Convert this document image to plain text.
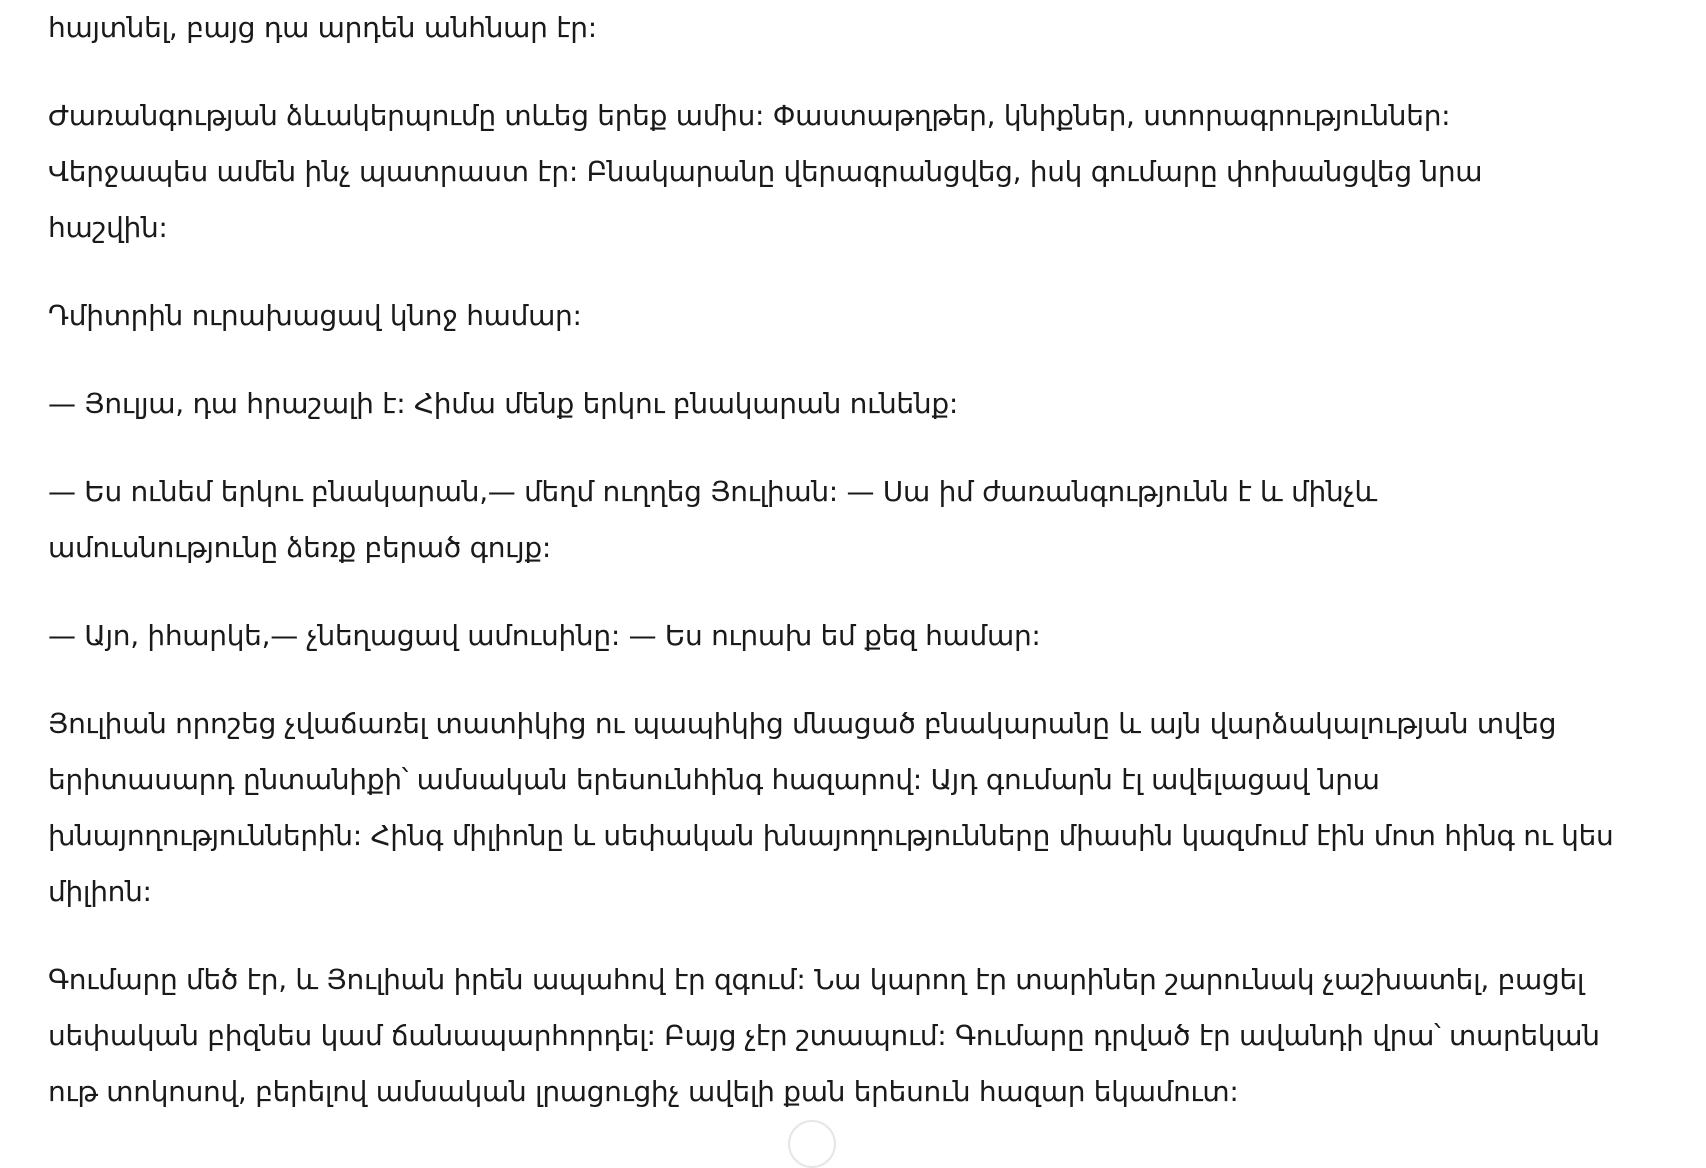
հայտնել, բայց դա արդեն անհնար էր:

Ժառանգության ձևակերպումը տևեց երեք ամիս: Փաստաթղթեր, կնիքներ, ստորագրություններ: Վերջապես ամեն ինչ պատրաստ էր: Բնակարանը վերագրանցվեց, իսկ գումարը փոխանցվեց նրա հաշվին:

Դմիտրին ուրախացավ կնոջ համար:

— Յուլյա, դա հրաշալի է: Հիմա մենք երկու բնակարան ունենք:

— Ես ունեմ երկու բնակարան,— մեղմ ուղղեց Յուլիան: — Սա իմ ժառանգությունն է և մինչև ամուսնությունը ձեռք բերած գույք:

— Այո, իհարկե,— չնեղացավ ամուսինը: — Ես ուրախ եմ քեզ համար:

Յուլիան որոշեց չվաճառել տատիկից ու պապիկից մնացած բնակարանը և այն վարձակալության տվեց երիտասարդ ընտանիքի՝ ամսական երեսունհինգ հազարով: Այդ գումարն էլ ավելացավ նրա խնայողություններին: Հինգ միլիոնը և սեփական խնայողությունները միասին կազմում էին մոտ հինգ ու կես միլիոն:

Գումարը մեծ էր, և Յուլիան իրեն ապահով էր զգում: Նա կարող էր տարիներ շարունակ չաշխատել, բացել սեփական բիզնես կամ ճանապարհորդել: Բայց չէր շտապում: Գումարը դրված էր ավանդի վրա՝ տարեկան ութ տոկոսով, բերելով ամսական լրացուցիչ ավելի քան երեսուն հազար եկամուտ:
